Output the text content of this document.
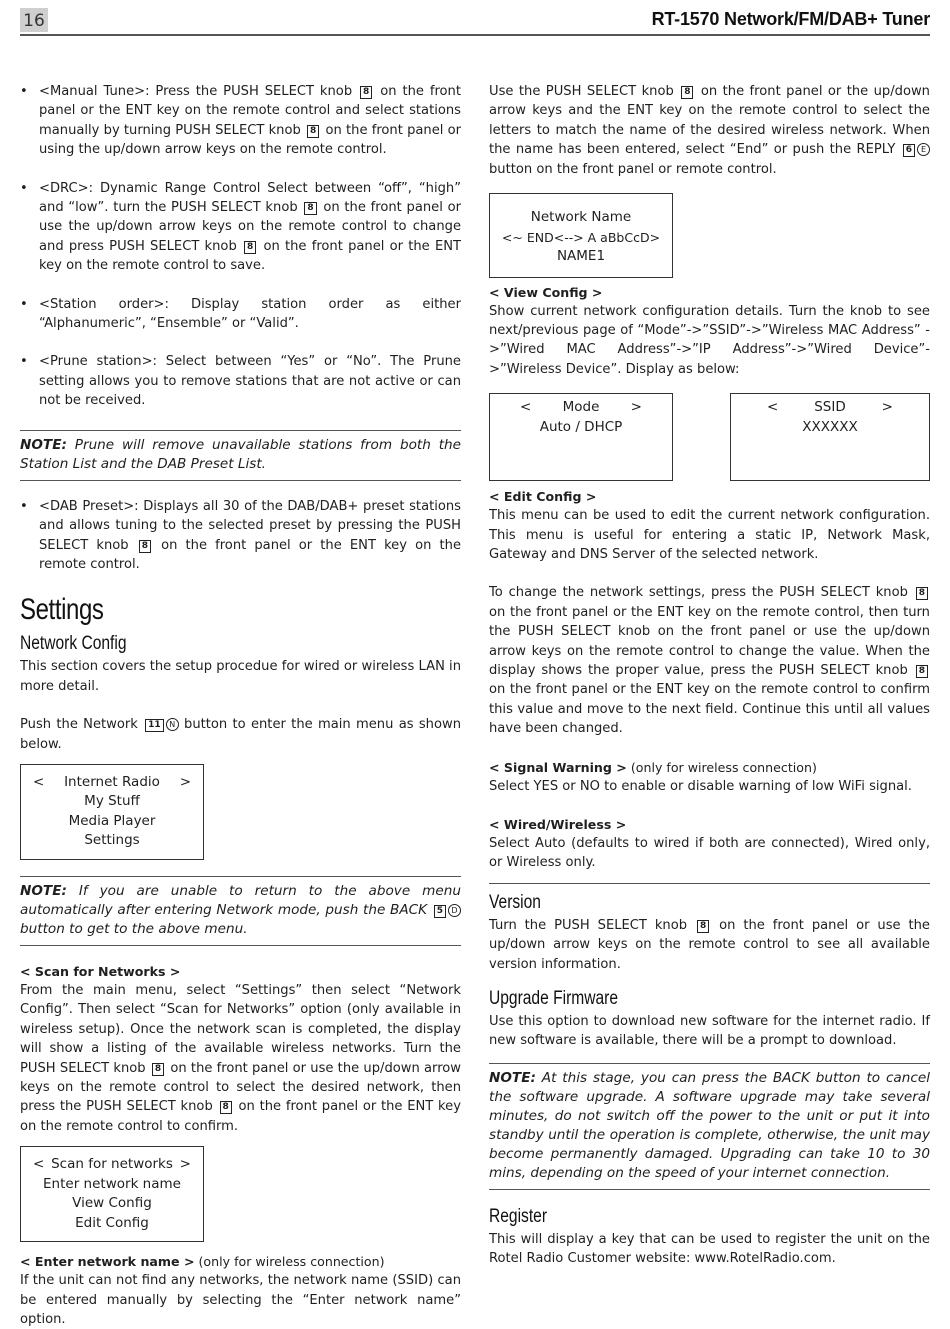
16	RT-1570 Network/FM/DAB+ Tuner
• <Manual Tune>: Press the PUSH SELECT knob 8 on the front panel or the ENT key on the remote control and select stations manually by turning PUSH SELECT knob 8 on the front panel or using the up/down arrow keys on the remote control.
• <DRC>: Dynamic Range Control Select between “off”, “high” and “low”. turn the PUSH SELECT knob 8 on the front panel or use the up/down arrow keys on the remote control to change and press PUSH SELECT knob 8 on the front panel or the ENT key on the remote control to save.
• <Station order>: Display station order as either “Alphanumeric”, “Ensemble” or “Valid”.
• <Prune station>: Select between “Yes” or “No”. The Prune setting allows you to remove stations that are not active or can not be received.
NOTE: Prune will remove unavailable stations from both the Station List and the DAB Preset List.
• <DAB Preset>: Displays all 30 of the DAB/DAB+ preset stations and allows tuning to the selected preset by pressing the PUSH SELECT knob 8 on the front panel or the ENT key on the remote control.
Settings
Network Config

This section covers the setup procedue for wired or wireless LAN in more detail.

Push the Network 11 N button to enter the main menu as shown below.

< Internet Radio >
My Stuff
Media Player
Settings
NOTE: If you are unable to return to the above menu automatically after entering Network mode, push the BACK 5 D button to get to the above menu.
< Scan for Networks >

From the main menu, select “Settings” then select “Network Config”. Then select “Scan for Networks” option (only available in wireless setup). Once the network scan is completed, the display will show a listing of the available wireless networks. Turn the PUSH SELECT knob 8 on the front panel or use the up/down arrow keys on the remote control to select the desired network, then press the PUSH SELECT knob 8 on the front panel or the ENT key on the remote control to confirm.

< Scan for networks >
Enter network name
View Config
Edit Config
< Enter network name > (only for wireless connection)

If the unit can not find any networks, the network name (SSID) can be entered manually by selecting the “Enter network name” option.

Use the PUSH SELECT knob 8 on the front panel or the up/down arrow keys and the ENT key on the remote control to select the letters to match the name of the desired wireless network. When the name has been entered, select “End” or push the REPLY 6 E button on the front panel or remote control.

Network Name
<~ END<--> A aBbCcD>
NAME1
< View Config >

Show current network configuration details. Turn the knob to see next/previous page of “Mode”->”SSID”->”Wireless MAC Address” ->”Wired MAC Address”->”IP Address”->”Wired Device”->”Wireless Device”. Display as below:

< Mode >
Auto / DHCP
<	SSID	>
XXXXXX
< Edit Config >

This menu can be used to edit the current network configuration. This menu is useful for entering a static IP, Network Mask, Gateway and DNS Server of the selected network.

To change the network settings, press the PUSH SELECT knob 8 on the front panel or the ENT key on the remote control, then turn the PUSH SELECT knob on the front panel or use the up/down arrow keys on the remote control to change the value. When the display shows the proper value, press the PUSH SELECT knob 8 on the front panel or the ENT key on the remote control to confirm this value and move to the next field. Continue this until all values have been changed.

< Signal Warning > (only for wireless connection)

Select YES or NO to enable or disable warning of low WiFi signal.

< Wired/Wireless >

Select Auto (defaults to wired if both are connected), Wired only, or Wireless only.

Version

Turn the PUSH SELECT knob 8 on the front panel or use the up/down arrow keys on the remote control to see all available version information.

Upgrade Firmware

Use this option to download new software for the internet radio. If new software is available, there will be a prompt to download.

NOTE: At this stage, you can press the BACK button to cancel the software upgrade. A software upgrade may take several minutes, do not switch off the power to the unit or put it into standby until the operation is complete, otherwise, the unit may become permanently damaged. Upgrading can take 10 to 30 mins, depending on the speed of your internet connection.
Register

This will display a key that can be used to register the unit on the Rotel Radio Customer website: www.RotelRadio.com.
